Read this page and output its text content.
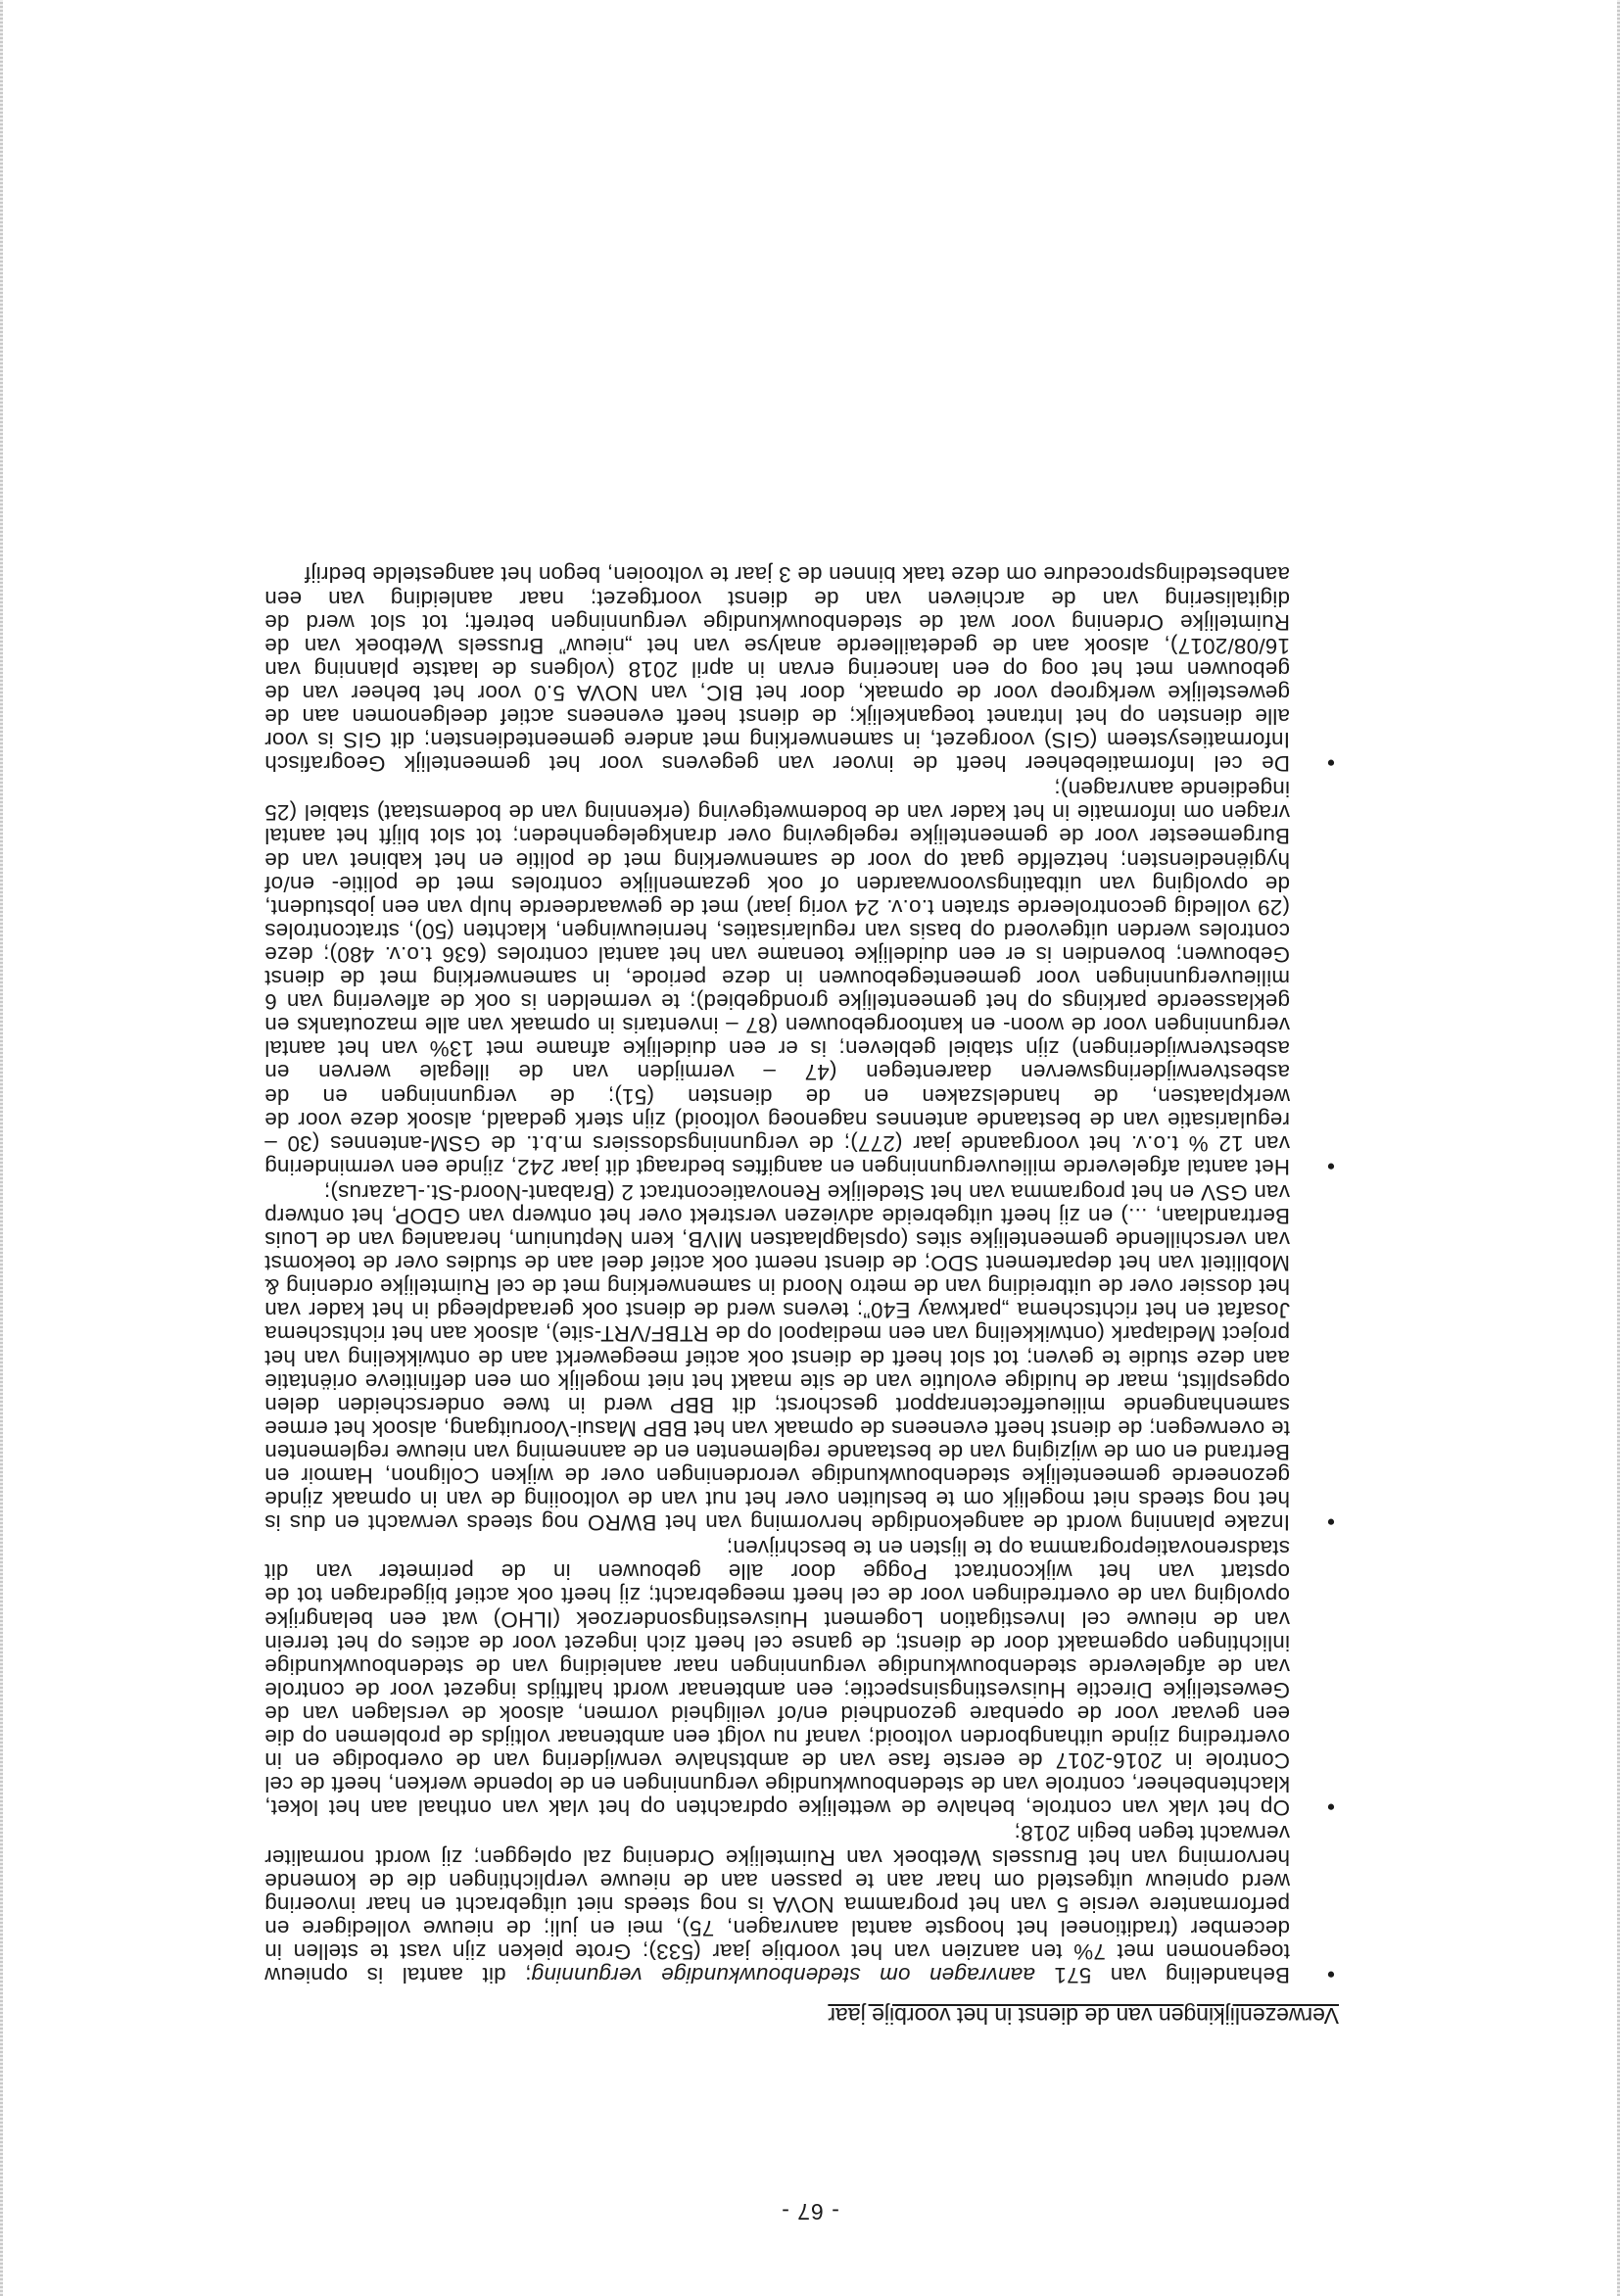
- 67 -
Verwezenlijkingen van de dienst in het voorbije jaar
•

Behandeling van 571 aanvragen om stedenbouwkundige vergunning; dit aantal is opnieuw toegenomen met 7% ten aanzien van het voorbije jaar (533); Grote pieken zijn vast te stellen in december (traditioneel het hoogste aantal aanvragen, 75), mei en juli; de nieuwe volledigere en performantere versie 5 van het programma NOVA is nog steeds niet uitgebracht en haar invoering werd opnieuw uitgesteld om haar aan te passen aan de nieuwe verplichtingen die de komende hervorming van het Brussels Wetboek van Ruimtelijke Ordening zal opleggen; zij wordt normaliter verwacht tegen begin 2018;

•

Op het vlak van controle, behalve de wettelijke opdrachten op het vlak van onthaal aan het loket, klachtenbeheer, controle van de stedenbouwkundige vergunningen en de lopende werken, heeft de cel Controle in 2016-2017 de eerste fase van de ambtshalve verwijdering van de overbodige en in overtreding zijnde uithangborden voltooid; vanaf nu volgt een ambtenaar voltijds de problemen op die een gevaar voor de openbare gezondheid en/of veiligheid vormen, alsook de verslagen van de Gewestelijke Directie Huisvestingsinspectie; een ambtenaar wordt halftijds ingezet voor de controle van de afgeleverde stedenbouwkundige vergunningen naar aanleiding van de stedenbouwkundige inlichtingen opgemaakt door de dienst; de ganse cel heeft zich ingezet voor de acties op het terrein van de nieuwe cel Investigation Logement Huisvestingsonderzoek (ILHO) wat een belangrijke opvolging van de overtredingen voor de cel heeft meegebracht; zij heeft ook actief bijgedragen tot de opstart van het wijkcontract Pogge door alle gebouwen in de perimeter van dit stadsrenovatieprogramma op te lijsten en te beschrijven;

•

Inzake planning wordt de aangekondigde hervorming van het BWRO nog steeds verwacht en dus is het nog steeds niet mogelijk om te besluiten over het nut van de voltooiing de van in opmaak zijnde gezoneerde gemeentelijke stedenbouwkundige verordeningen over de wijken Colignon, Hamoir en Bertrand en om de wijziging van de bestaande reglementen en de aanneming van nieuwe reglementen te overwegen; de dienst heeft eveneens de opmaak van het BBP Masui-Vooruitgang, alsook het ermee samenhangende milieueffectenrapport geschorst; dit BBP werd in twee onderscheiden delen opgesplitst, maar de huidige evolutie van de site maakt het niet mogelijk om een definitieve oriëntatie aan deze studie te geven; tot slot heeft de dienst ook actief meegewerkt aan de ontwikkeling van het project Mediapark (ontwikkeling van een mediapool op de RTBF/VRT-site), alsook aan het richtschema Josafat en het richtschema „parkway E40”; tevens werd de dienst ook geraadpleegd in het kader van het dossier over de uitbreiding van de metro Noord in samenwerking met de cel Ruimtelijke ordening & Mobiliteit van het departement SDO; de dienst neemt ook actief deel aan de studies over de toekomst van verschillende gemeentelijke sites (opslagplaatsen MIVB, kern Neptunium, heraanleg van de Louis Bertrandlaan, ...) en zij heeft uitgebreide adviezen verstrekt over het ontwerp van GDOP, het ontwerp van GSV en het programma van het Stedelijke Renovatiecontract 2 (Brabant-Noord-St.-Lazarus);

•

Het aantal afgeleverde milieuvergunningen en aangiftes bedraagt dit jaar 242, zijnde een vermindering van 12 % t.o.v. het voorgaande jaar (277); de vergunningsdossiers m.b.t. de GSM-antennes (30 – regularisatie van de bestaande antennes nagenoeg voltooid) zijn sterk gedaald, alsook deze voor de werkplaatsen, de handelszaken en de diensten (51); de vergunningen en de asbestverwijderingswerven daarentegen (47 – vermijden van de illegale werven en asbestverwijderingen) zijn stabiel gebleven; is er een duidelijke afname met 13% van het aantal vergunningen voor de woon- en kantoorgebouwen (87 – inventaris in opmaak van alle mazoutanks en geklasseerde parkings op het gemeentelijke grondgebied); te vermelden is ook de aflevering van 6 milieuvergunningen voor gemeentegebouwen in deze periode, in samenwerking met de dienst Gebouwen; bovendien is er een duidelijke toename van het aantal controles (636 t.o.v. 480); deze controles werden uitgevoerd op basis van regularisaties, hernieuwingen, klachten (50), stratcontroles (29 volledig gecontroleerde straten t.o.v. 24 vorig jaar) met de gewaardeerde hulp van een jobstudent, de opvolging van uitbatingsvoorwaarden of ook gezamenlijke controles met de politie- en/of hygiënediensten; hetzelfde gaat op voor de samenwerking met de politie en het kabinet van de Burgemeester voor de gemeentelijke regelgeving over drankgelegenheden; tot slot blijft het aantal vragen om informatie in het kader van de bodemwetgeving (erkenning van de bodemstaat) stabiel (25 ingediende aanvragen);

•

De cel Informatiebeheer heeft de invoer van gegevens voor het gemeentelijk Geografisch Informatiesysteem (GIS) voorgezet, in samenwerking met andere gemeentediensten; dit GIS is voor alle diensten op het Intranet toegankelijk; de dienst heeft eveneens actief deelgenomen aan de gewestelijke werkgroep voor de opmaak, door het BIC, van NOVA 5.0 voor het beheer van de gebouwen met het oog op een lancering ervan in april 2018 (volgens de laatste planning van 16/08/2017), alsook aan de gedetailleerde analyse van het „nieuw” Brussels Wetboek van de Ruimtelijke Ordening voor wat de stedenbouwkundige vergunningen betreft; tot slot werd de digitalisering van de archieven van de dienst voortgezet; naar aanleiding van een aanbestedingsprocedure om deze taak binnen de 3 jaar te voltooien, begon het aangestelde bedrijf
